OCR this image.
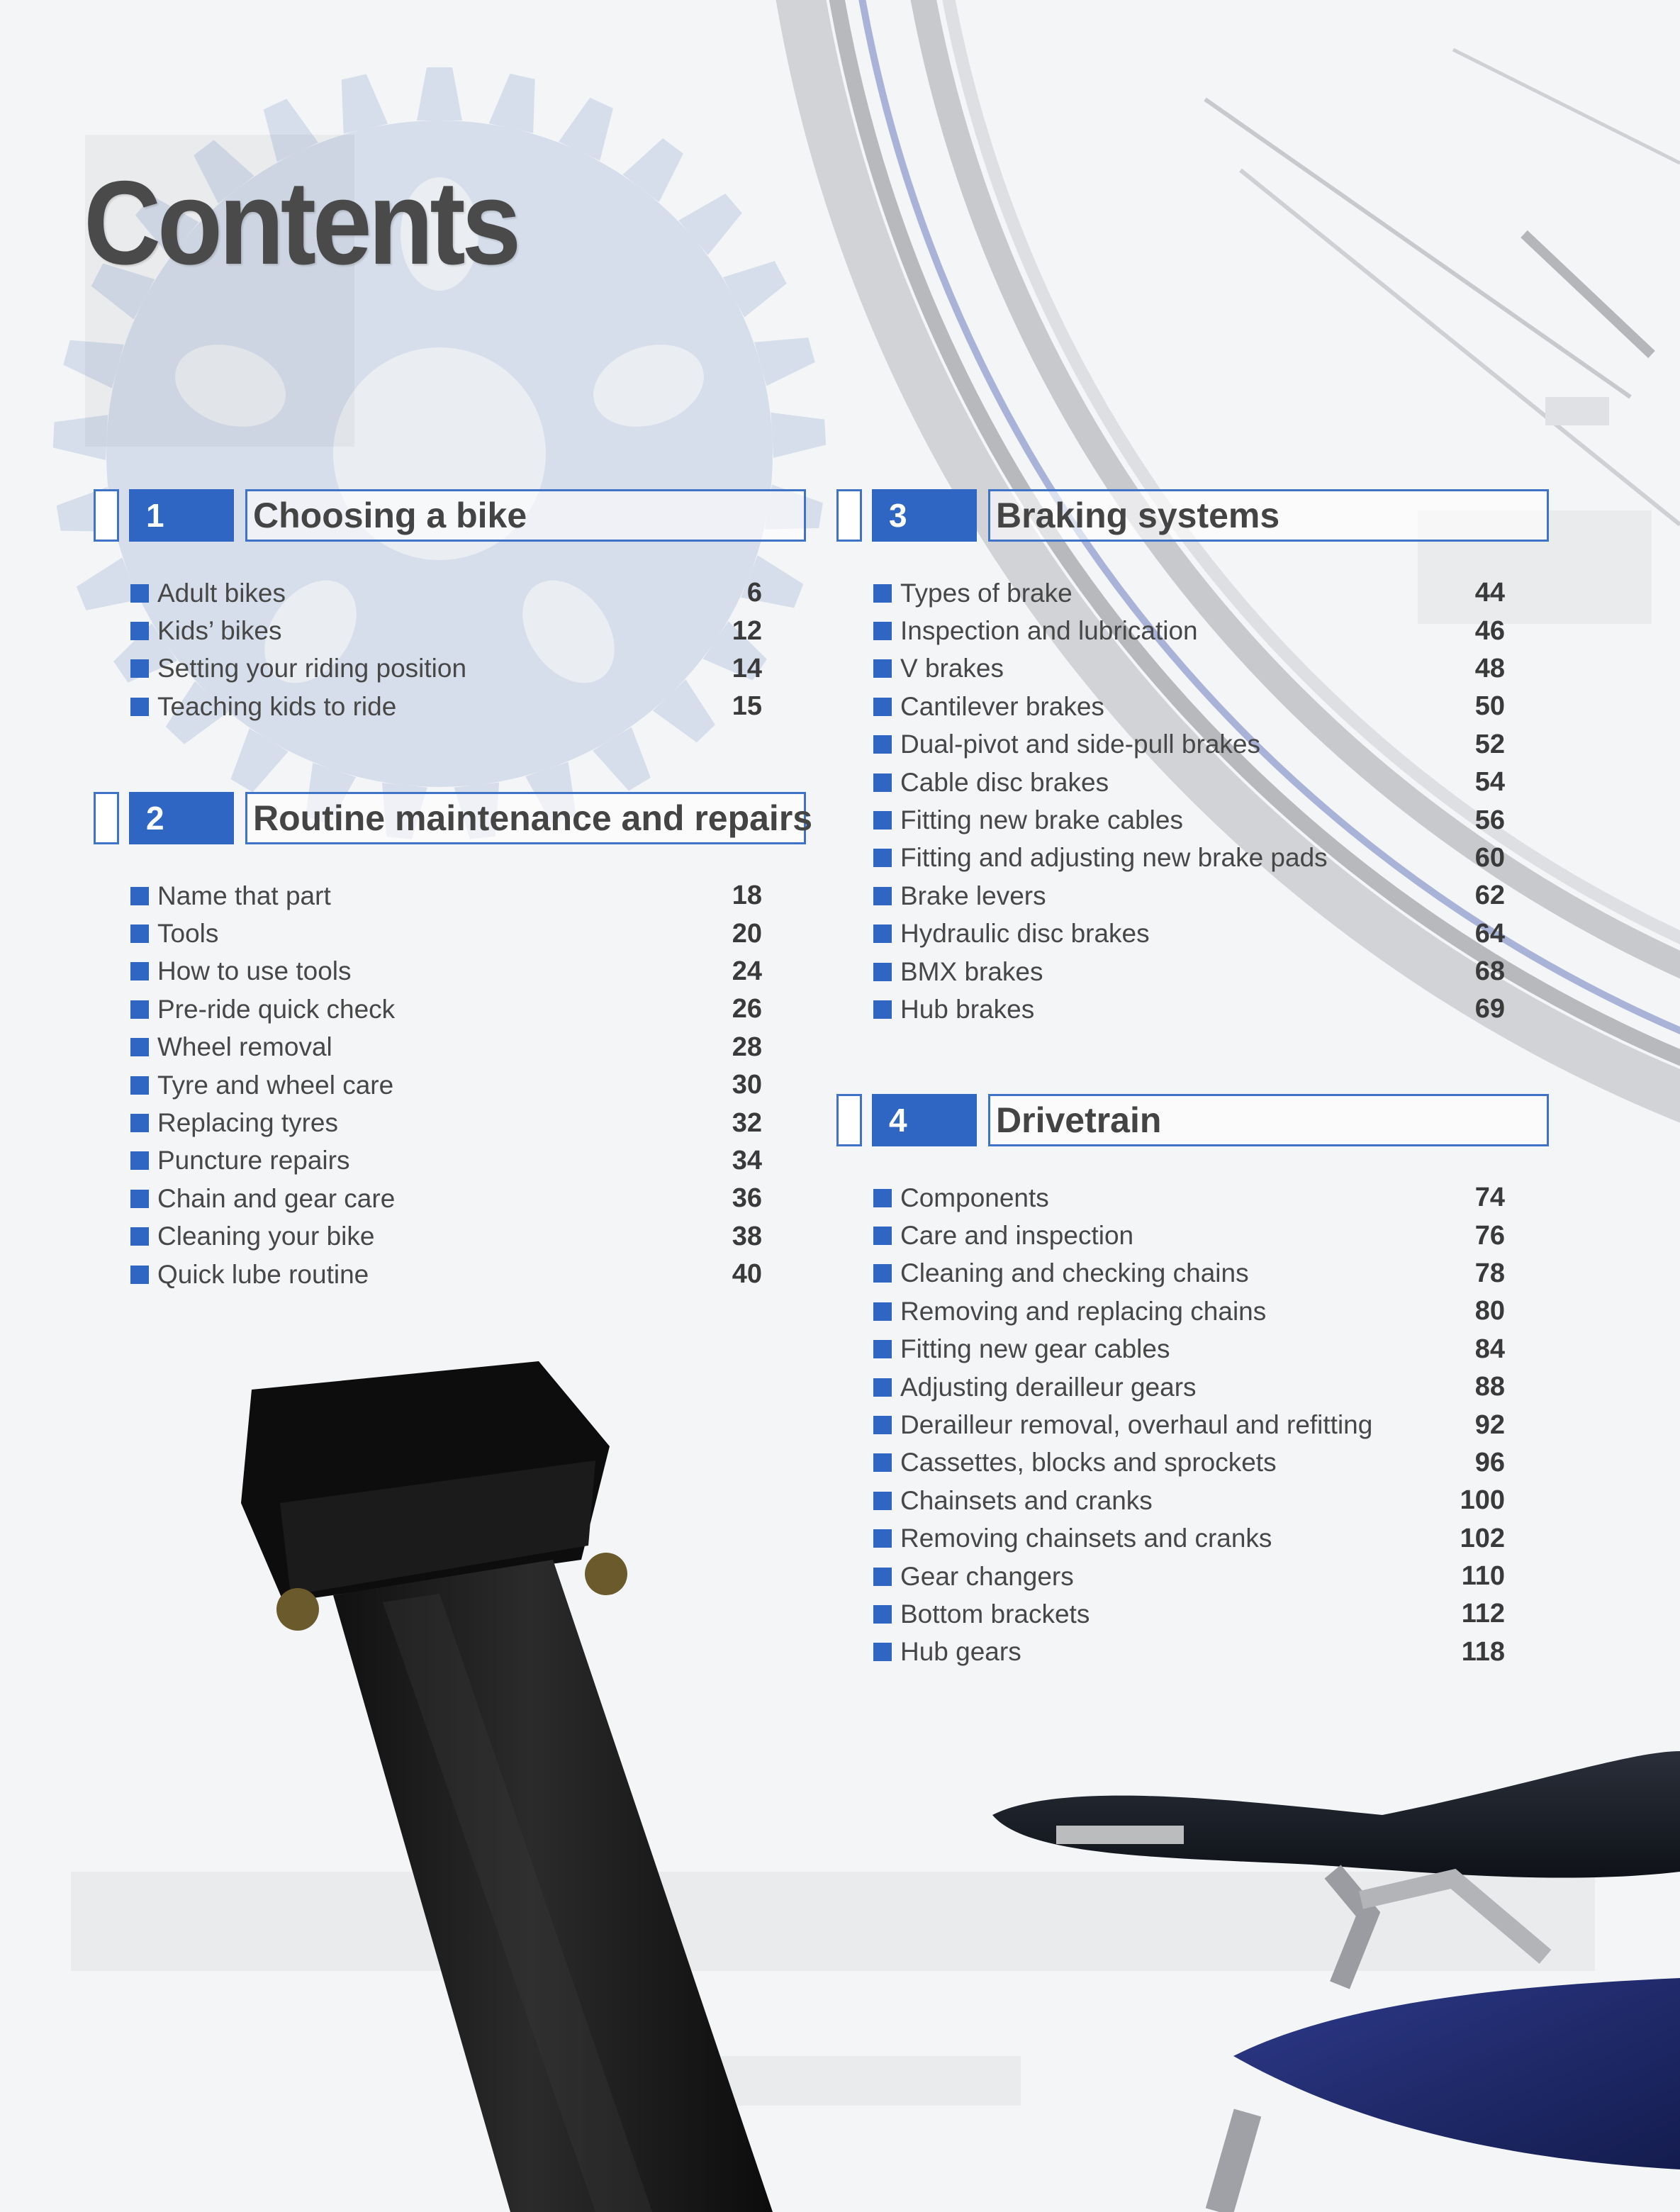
Contents
1	Choosing a bike
Adult bikes	6
Kids’ bikes	12
Setting your riding position	14
Teaching kids to ride	15
2	Routine maintenance and repairs
Name that part	18
Tools	20
How to use tools	24
Pre-ride quick check	26
Wheel removal	28
Tyre and wheel care	30
Replacing tyres	32
Puncture repairs	34
Chain and gear care	36
Cleaning your bike	38
Quick lube routine	40
3	Braking systems
Types of brake	44
Inspection and lubrication	46
V brakes	48
Cantilever brakes	50
Dual-pivot and side-pull brakes	52
Cable disc brakes	54
Fitting new brake cables	56
Fitting and adjusting new brake pads	60
Brake levers	62
Hydraulic disc brakes	64
BMX brakes	68
Hub brakes	69
4	Drivetrain
Components	74
Care and inspection	76
Cleaning and checking chains	78
Removing and replacing chains	80
Fitting new gear cables	84
Adjusting derailleur gears	88
Derailleur removal, overhaul and refitting	92
Cassettes, blocks and sprockets	96
Chainsets and cranks	100
Removing chainsets and cranks	102
Gear changers	110
Bottom brackets	112
Hub gears	118
